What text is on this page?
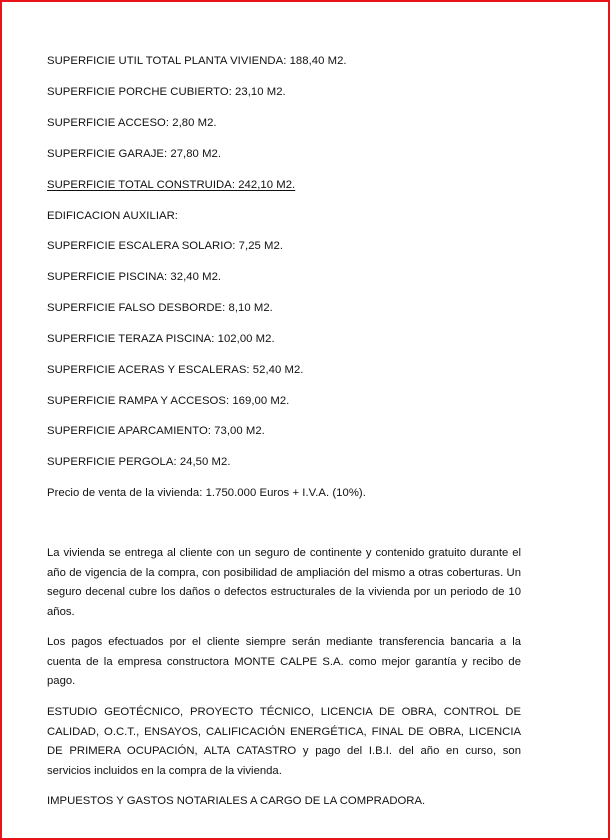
SUPERFICIE UTIL TOTAL PLANTA VIVIENDA: 188,40 M2.
SUPERFICIE PORCHE CUBIERTO: 23,10 M2.
SUPERFICIE ACCESO: 2,80 M2.
SUPERFICIE GARAJE: 27,80 M2.
SUPERFICIE TOTAL CONSTRUIDA: 242,10 M2.
EDIFICACION AUXILIAR:
SUPERFICIE ESCALERA SOLARIO: 7,25 M2.
SUPERFICIE PISCINA: 32,40 M2.
SUPERFICIE FALSO DESBORDE: 8,10 M2.
SUPERFICIE TERAZA PISCINA: 102,00 M2.
SUPERFICIE ACERAS Y ESCALERAS: 52,40 M2.
SUPERFICIE RAMPA Y ACCESOS: 169,00 M2.
SUPERFICIE APARCAMIENTO: 73,00 M2.
SUPERFICIE PERGOLA: 24,50 M2.
Precio de venta de la vivienda: 1.750.000 Euros + I.V.A. (10%).
La vivienda se entrega al cliente con un seguro de continente y contenido gratuito durante el año de vigencia de la compra, con posibilidad de ampliación del mismo a otras coberturas. Un seguro decenal cubre los daños o defectos estructurales de la vivienda por un periodo de 10 años.
Los pagos efectuados por el cliente siempre serán mediante transferencia bancaria a la cuenta de la empresa constructora MONTE CALPE S.A. como mejor garantía y recibo de pago.
ESTUDIO GEOTÉCNICO, PROYECTO TÉCNICO, LICENCIA DE OBRA, CONTROL DE CALIDAD, O.C.T., ENSAYOS, CALIFICACIÓN ENERGÉTICA, FINAL DE OBRA, LICENCIA DE PRIMERA OCUPACIÓN, ALTA CATASTRO y pago del I.B.I. del año en curso, son servicios incluidos en la compra de la vivienda.
IMPUESTOS Y GASTOS NOTARIALES A CARGO DE LA COMPRADORA.
